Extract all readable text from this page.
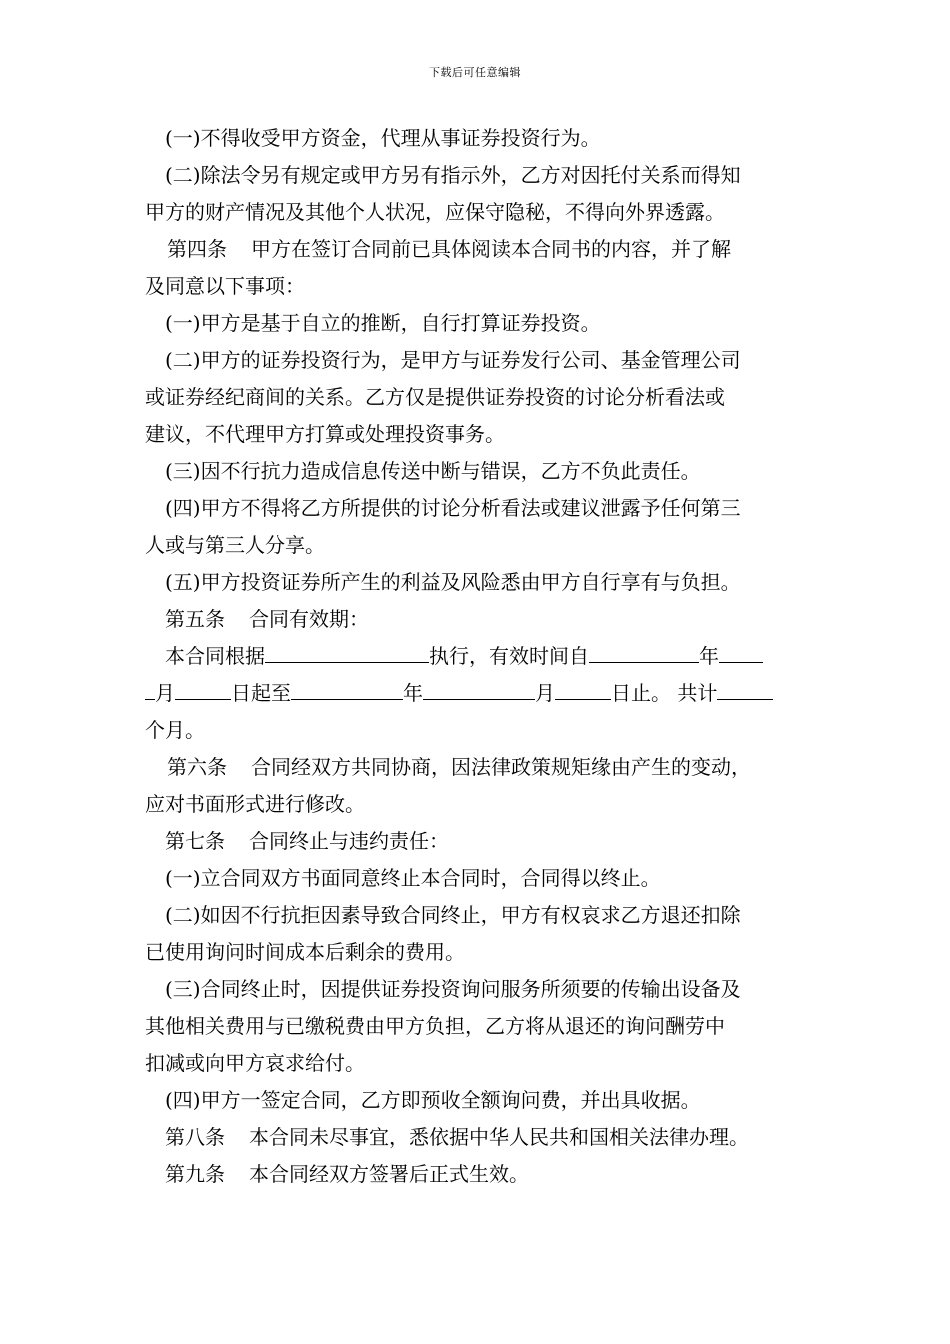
下载后可任意编辑
(一)不得收受甲方资金，代理从事证券投资行为。
(二)除法令另有规定或甲方另有指示外，乙方对因托付关系而得知
甲方的财产情况及其他个人状况，应保守隐秘，不得向外界透露。
第四条 甲方在签订合同前已具体阅读本合同书的内容，并了解
及同意以下事项：
(一)甲方是基于自立的推断，自行打算证券投资。
(二)甲方的证券投资行为，是甲方与证券发行公司、基金管理公司
或证券经纪商间的关系。乙方仅是提供证券投资的讨论分析看法或
建议，不代理甲方打算或处理投资事务。
(三)因不行抗力造成信息传送中断与错误，乙方不负此责任。
(四)甲方不得将乙方所提供的讨论分析看法或建议泄露予任何第三
人或与第三人分享。
(五)甲方投资证券所产生的利益及风险悉由甲方自行享有与负担。
第五条 合同有效期：
本合同根据	执行，有效时间自	年
月	日起至	年	月	日止。 共计
个月。
第六条 合同经双方共同协商，因法律政策规矩缘由产生的变动，
应对书面形式进行修改。
第七条 合同终止与违约责任：
(一)立合同双方书面同意终止本合同时，合同得以终止。
(二)如因不行抗拒因素导致合同终止，甲方有权哀求乙方退还扣除
已使用询问时间成本后剩余的费用。
(三)合同终止时，因提供证券投资询问服务所须要的传输出设备及
其他相关费用与已缴税费由甲方负担，乙方将从退还的询问酬劳中
扣减或向甲方哀求给付。
(四)甲方一签定合同，乙方即预收全额询问费，并出具收据。
第八条 本合同未尽事宜，悉依据中华人民共和国相关法律办理。
第九条 本合同经双方签署后正式生效。
